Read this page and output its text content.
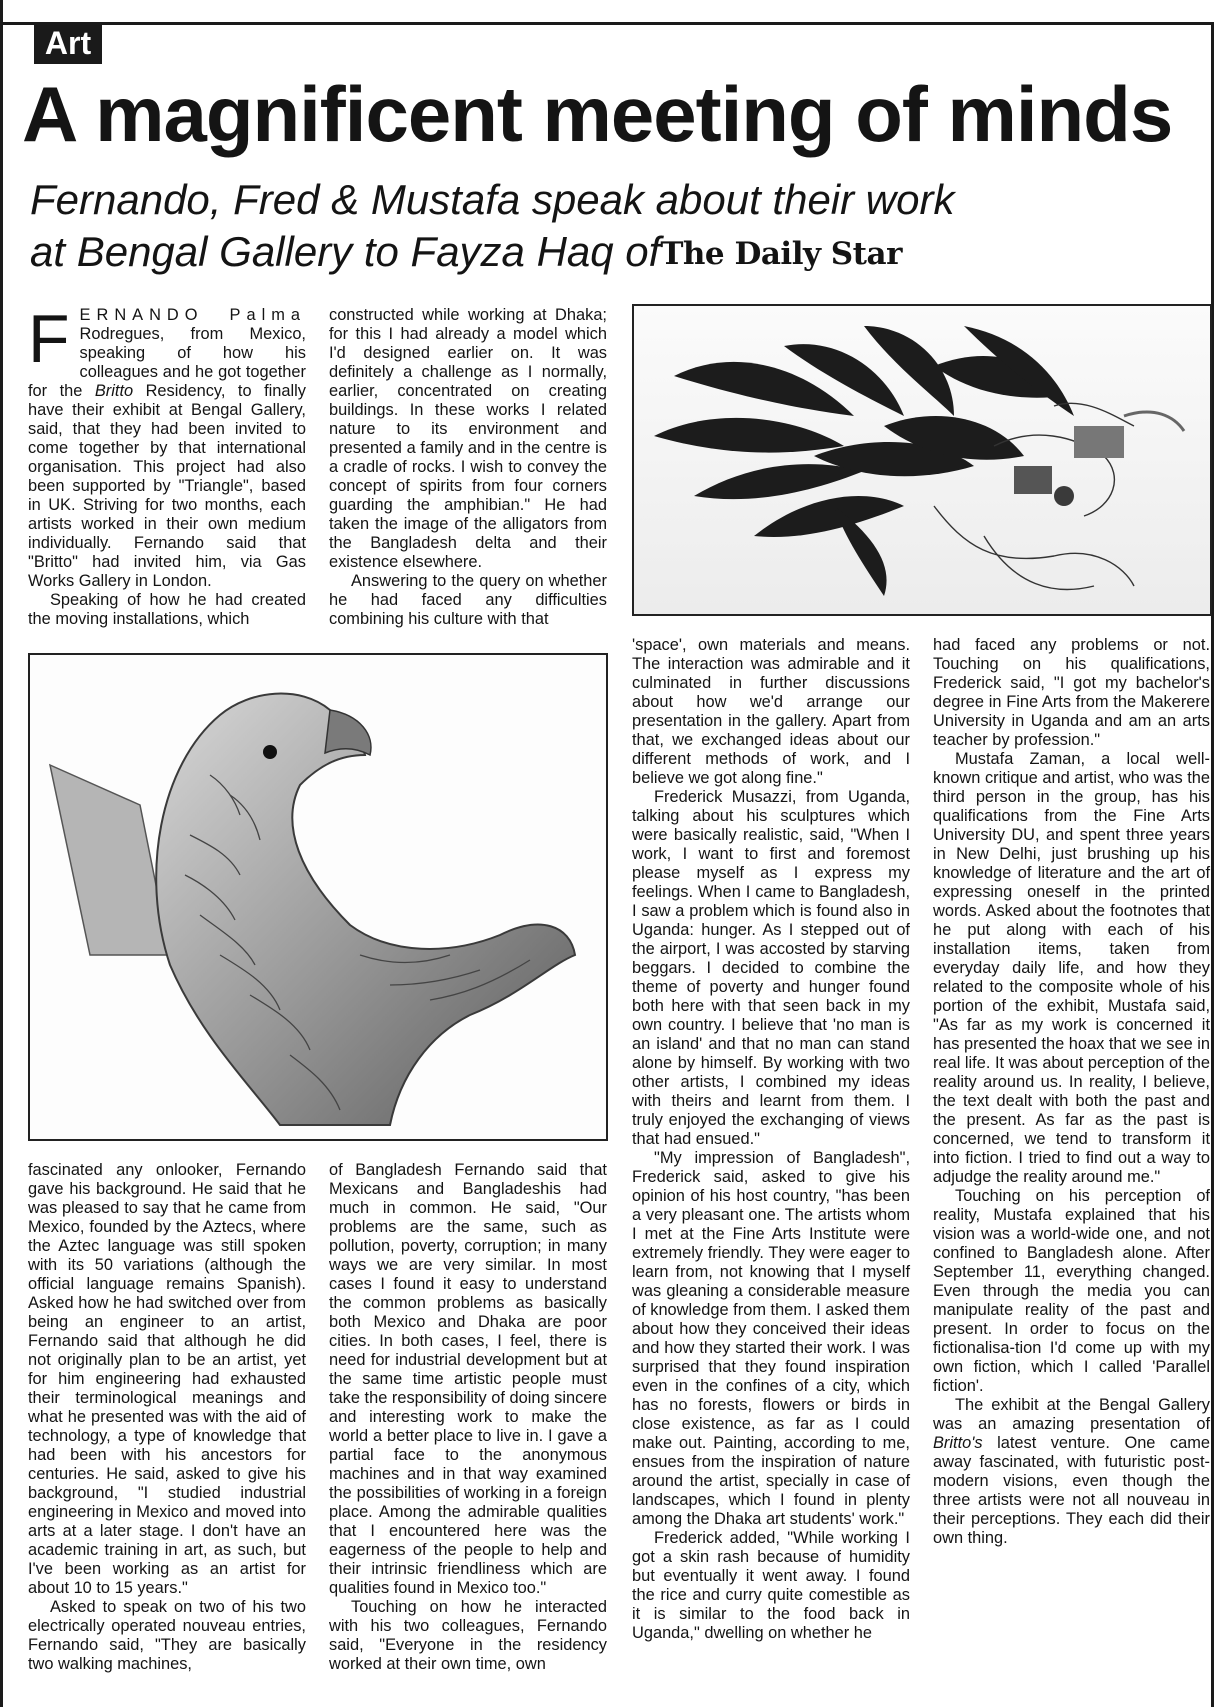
Art
A magnificent meeting of minds
Fernando, Fred & Mustafa speak about their work
at Bengal Gallery to Fayza Haq ofThe Daily Star

FERNANDO Palma Rodregues, from Mexico, speaking of how his colleagues and he got together for the Britto Residency, to finally have their exhibit at Bengal Gallery, said, that they had been invited to come together by that international organisation. This project had also been supported by "Triangle", based in UK. Striving for two months, each artists worked in their own medium individually. Fernando said that "Britto" had invited him, via Gas Works Gallery in London.

Speaking of how he had created the moving installations, which

constructed while working at Dhaka; for this I had already a model which I'd designed earlier on. It was definitely a challenge as I normally, earlier, concentrated on creating buildings. In these works I related nature to its environment and presented a family and in the centre is a cradle of rocks. I wish to convey the concept of spirits from four corners guarding the amphibian." He had taken the image of the alligators from the Bangladesh delta and their existence elsewhere.

Answering to the query on whether he had faced any difficulties combining his culture with that

fascinated any onlooker, Fernando gave his background. He said that he was pleased to say that he came from Mexico, founded by the Aztecs, where the Aztec language was still spoken with its 50 variations (although the official language remains Spanish). Asked how he had switched over from being an engineer to an artist, Fernando said that although he did not originally plan to be an artist, yet for him engineering had exhausted their terminological meanings and what he presented was with the aid of technology, a type of knowledge that had been with his ancestors for centuries. He said, asked to give his background, "I studied industrial engineering in Mexico and moved into arts at a later stage. I don't have an academic training in art, as such, but I've been working as an artist for about 10 to 15 years."

Asked to speak on two of his two electrically operated nouveau entries, Fernando said, "They are basically two walking machines,

of Bangladesh Fernando said that Mexicans and Bangladeshis had much in common. He said, "Our problems are the same, such as pollution, poverty, corruption; in many ways we are very similar. In most cases I found it easy to understand the common problems as basically both Mexico and Dhaka are poor cities. In both cases, I feel, there is need for industrial development but at the same time artistic people must take the responsibility of doing sincere and interesting work to make the world a better place to live in. I gave a partial face to the anonymous machines and in that way examined the possibilities of working in a foreign place. Among the admirable qualities that I encountered here was the eagerness of the people to help and their intrinsic friendliness which are qualities found in Mexico too."

Touching on how he interacted with his two colleagues, Fernando said, "Everyone in the residency worked at their own time, own

'space', own materials and means. The interaction was admirable and it culminated in further discussions about how we'd arrange our presentation in the gallery. Apart from that, we exchanged ideas about our different methods of work, and I believe we got along fine."

Frederick Musazzi, from Uganda, talking about his sculptures which were basically realistic, said, "When I work, I want to first and foremost please myself as I express my feelings. When I came to Bangladesh, I saw a problem which is found also in Uganda: hunger. As I stepped out of the airport, I was accosted by starving beggars. I decided to combine the theme of poverty and hunger found both here with that seen back in my own country. I believe that 'no man is an island' and that no man can stand alone by himself. By working with two other artists, I combined my ideas with theirs and learnt from them. I truly enjoyed the exchanging of views that had ensued."

"My impression of Bangladesh", Frederick said, asked to give his opinion of his host country, "has been a very pleasant one. The artists whom I met at the Fine Arts Institute were extremely friendly. They were eager to learn from, not knowing that I myself was gleaning a considerable measure of knowledge from them. I asked them about how they conceived their ideas and how they started their work. I was surprised that they found inspiration even in the confines of a city, which has no forests, flowers or birds in close existence, as far as I could make out. Painting, according to me, ensues from the inspiration of nature around the artist, specially in case of landscapes, which I found in plenty among the Dhaka art students' work."

Frederick added, "While working I got a skin rash because of humidity but eventually it went away. I found the rice and curry quite comestible as it is similar to the food back in Uganda," dwelling on whether he

had faced any problems or not. Touching on his qualifications, Frederick said, "I got my bachelor's degree in Fine Arts from the Makerere University in Uganda and am an arts teacher by profession."

Mustafa Zaman, a local well-known critique and artist, who was the third person in the group, has his qualifications from the Fine Arts University DU, and spent three years in New Delhi, just brushing up his knowledge of literature and the art of expressing oneself in the printed words. Asked about the footnotes that he put along with each of his installation items, taken from everyday daily life, and how they related to the composite whole of his portion of the exhibit, Mustafa said, "As far as my work is concerned it has presented the hoax that we see in real life. It was about perception of the reality around us. In reality, I believe, the text dealt with both the past and the present. As far as the past is concerned, we tend to transform it into fiction. I tried to find out a way to adjudge the reality around me."

Touching on his perception of reality, Mustafa explained that his vision was a world-wide one, and not confined to Bangladesh alone. After September 11, everything changed. Even through the media you can manipulate reality of the past and present. In order to focus on the fictionalisa-tion I'd come up with my own fiction, which I called 'Parallel fiction'.

The exhibit at the Bengal Gallery was an amazing presentation of Britto's latest venture. One came away fascinated, with futuristic post-modern visions, even though the three artists were not all nouveau in their perceptions. They each did their own thing.
